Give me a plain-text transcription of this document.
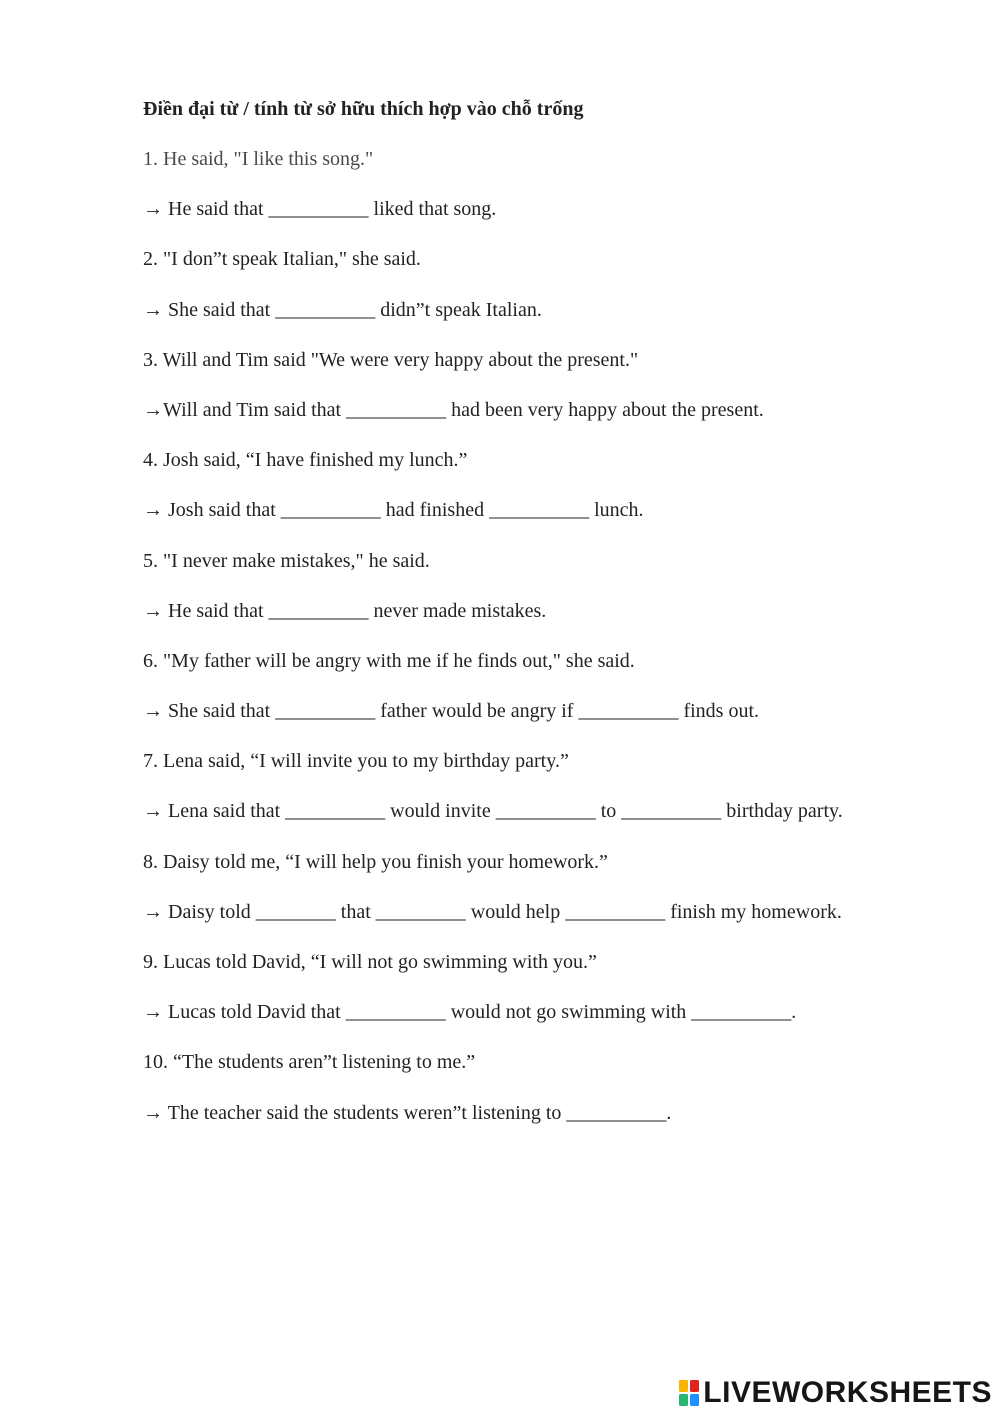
Điền đại từ / tính từ sở hữu thích hợp vào chỗ trống

1. He said, "I like this song."

→ He said that __________ liked that song.

2. "I don”t speak Italian," she said.

→ She said that __________ didn”t speak Italian.

3. Will and Tim said "We were very happy about the present."

→Will and Tim said that __________ had been very happy about the present.

4. Josh said, “I have finished my lunch.”

→ Josh said that __________ had finished __________ lunch.

5. "I never make mistakes," he said.

→ He said that __________ never made mistakes.

6. "My father will be angry with me if he finds out," she said.

→ She said that __________ father would be angry if __________ finds out.

7. Lena said, “I will invite you to my birthday party.”

→ Lena said that __________ would invite __________ to __________ birthday party.

8. Daisy told me, “I will help you finish your homework.”

→ Daisy told ________ that _________ would help __________ finish my homework.

9. Lucas told David, “I will not go swimming with you.”

→ Lucas told David that __________ would not go swimming with __________.

10. “The students aren”t listening to me.”

→ The teacher said the students weren”t listening to __________.

LIVEWORKSHEETS
